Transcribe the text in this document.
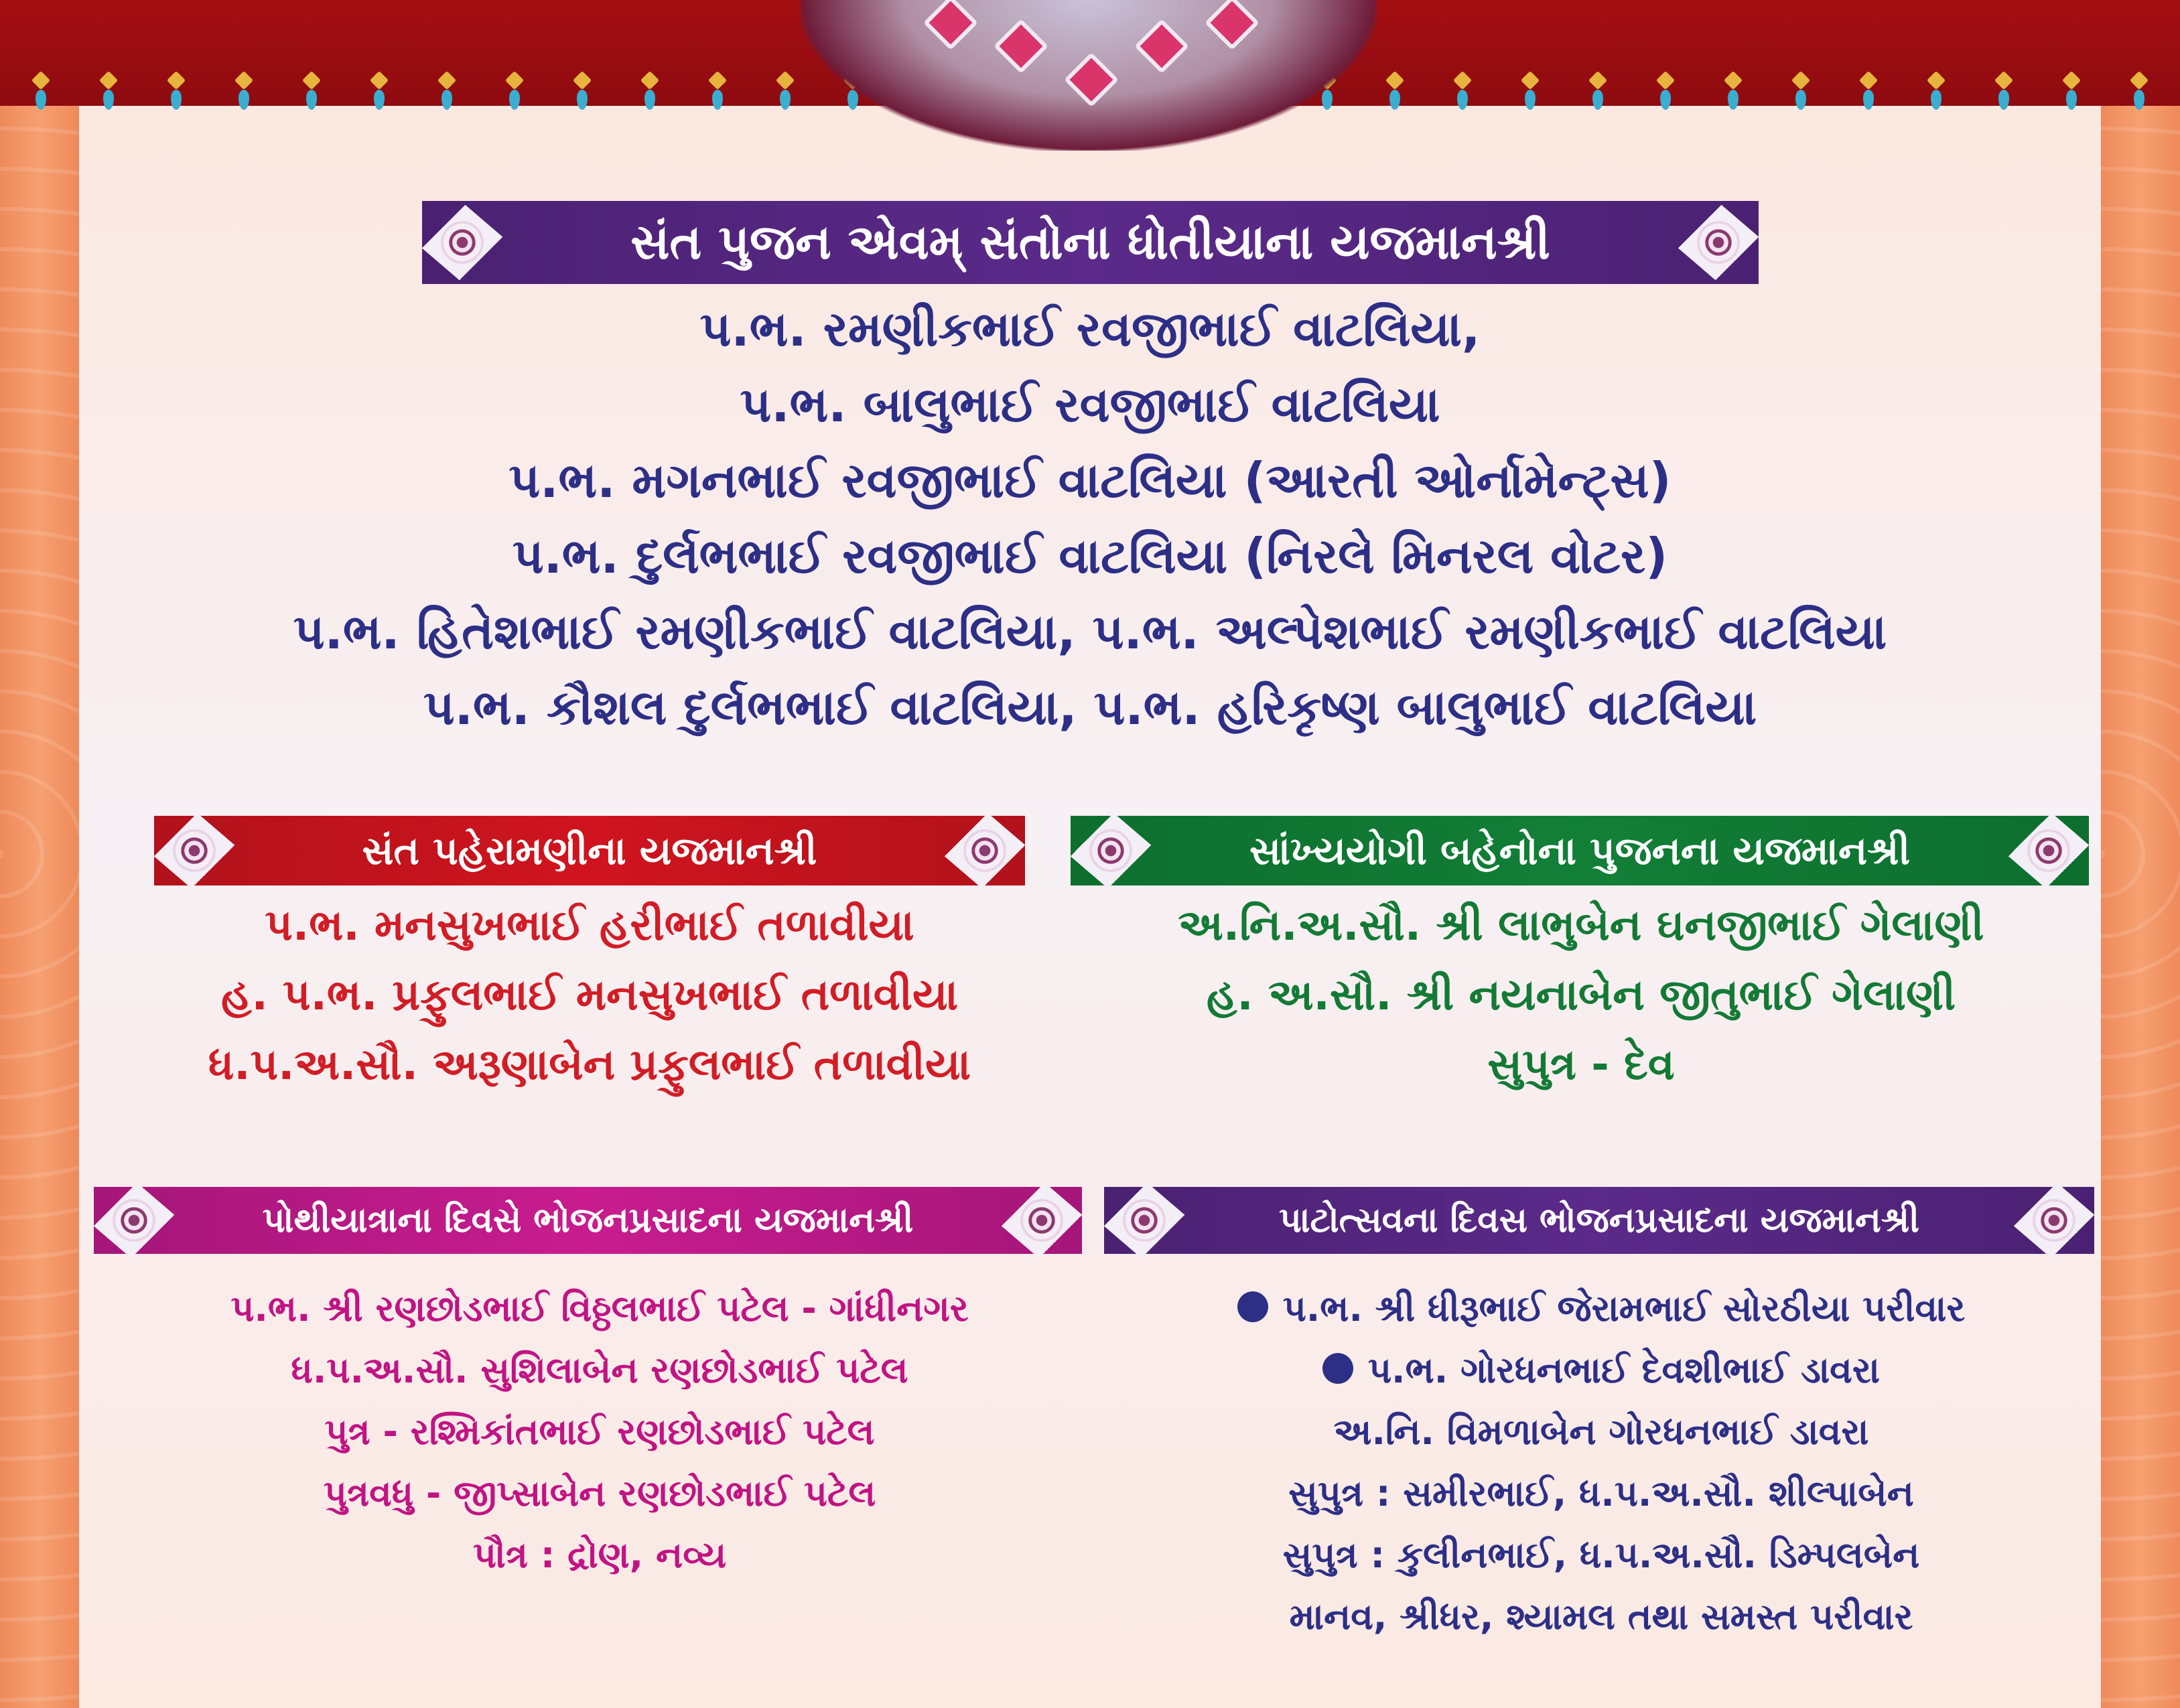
સંત પુજન એવમ્ સંતોના ધોતીયાના યજમાનશ્રી
પ.ભ. રમણીકભાઈ રવજીભાઈ વાટલિયા,
પ.ભ. બાલુભાઈ રવજીભાઈ વાટલિયા
પ.ભ. મગનભાઈ રવજીભાઈ વાટલિયા (આરતી ઓર્નામેન્ટ્સ)
પ.ભ. દુર્લભભાઈ રવજીભાઈ વાટલિયા (નિરલે મિનરલ વોટર)
પ.ભ. હિતેશભાઈ રમણીકભાઈ વાટલિયા, પ.ભ. અલ્પેશભાઈ રમણીકભાઈ વાટલિયા
પ.ભ. કૌશલ દુર્લભભાઈ વાટલિયા, પ.ભ. હરિકૃષ્ણ બાલુભાઈ વાટલિયા
સંત પહેરામણીના યજમાનશ્રી
પ.ભ. મનસુખભાઈ હરીભાઈ તળાવીયા
હ. પ.ભ. પ્રફુલભાઈ મનસુખભાઈ તળાવીયા
ધ.પ.અ.સૌ. અરૂણાબેન પ્રફુલભાઈ તળાવીયા
સાંખ્યયોગી બહેનોના પુજનના યજમાનશ્રી
અ.નિ.અ.સૌ. શ્રી લાભુબેન ઘનજીભાઈ ગેલાણી
હ. અ.સૌ. શ્રી નયનાબેન જીતુભાઈ ગેલાણી
સુપુત્ર - દેવ
પોથીયાત્રાના દિવસે ભોજનપ્રસાદના યજમાનશ્રી
પ.ભ. શ્રી રણછોડભાઈ વિઠ્ઠલભાઈ પટેલ - ગાંધીનગર
ધ.પ.અ.સૌ. સુશિલાબેન રણછોડભાઈ પટેલ
પુત્ર - રશ્મિકાંતભાઈ રણછોડભાઈ પટેલ
પુત્રવધુ - જીપ્સાબેન રણછોડભાઈ પટેલ
પૌત્ર : દ્રોણ, નવ્ય
પાટોત્સવના દિવસ ભોજનપ્રસાદના યજમાનશ્રી
પ.ભ. શ્રી ધીરૂભાઈ જેરામભાઈ સોરઠીયા પરીવાર
પ.ભ. ગોરધનભાઈ દેવશીભાઈ ડાવરા
અ.નિ. વિમળાબેન ગોરધનભાઈ ડાવરા
સુપુત્ર : સમીરભાઈ, ધ.પ.અ.સૌ. શીલ્પાબેન
સુપુત્ર : કુલીનભાઈ, ધ.પ.અ.સૌ. ડિમ્પલબેન
માનવ, શ્રીધર, શ્યામલ તથા સમસ્ત પરીવાર
